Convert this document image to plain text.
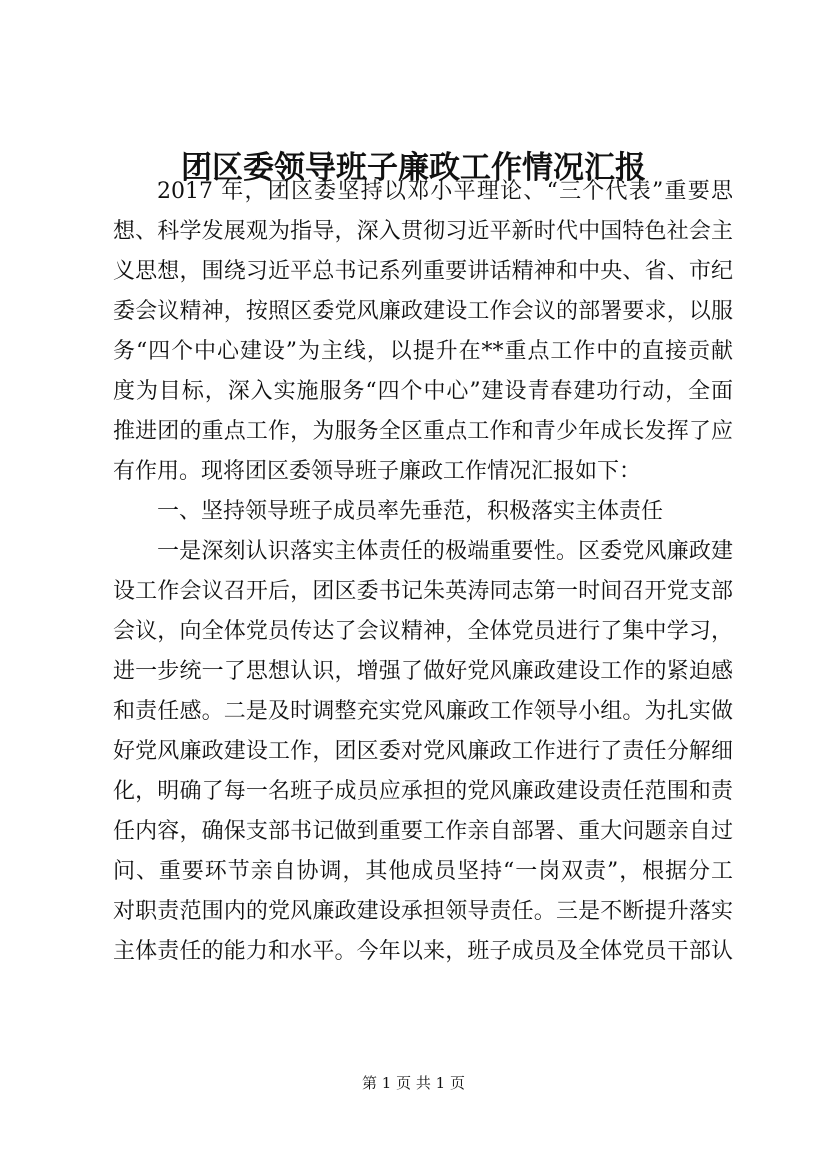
团区委领导班子廉政工作情况汇报
2017 年，团区委坚持以邓小平理论、“三个代表”重要思
想、科学发展观为指导，深入贯彻习近平新时代中国特色社会主
义思想，围绕习近平总书记系列重要讲话精神和中央、省、市纪
委会议精神，按照区委党风廉政建设工作会议的部署要求，以服
务“四个中心建设”为主线，以提升在**重点工作中的直接贡献
度为目标，深入实施服务“四个中心”建设青春建功行动，全面
推进团的重点工作，为服务全区重点工作和青少年成长发挥了应
有作用。现将团区委领导班子廉政工作情况汇报如下：
一、坚持领导班子成员率先垂范，积极落实主体责任
一是深刻认识落实主体责任的极端重要性。区委党风廉政建
设工作会议召开后，团区委书记朱英涛同志第一时间召开党支部
会议，向全体党员传达了会议精神，全体党员进行了集中学习，
进一步统一了思想认识，增强了做好党风廉政建设工作的紧迫感
和责任感。二是及时调整充实党风廉政工作领导小组。为扎实做
好党风廉政建设工作，团区委对党风廉政工作进行了责任分解细
化，明确了每一名班子成员应承担的党风廉政建设责任范围和责
任内容，确保支部书记做到重要工作亲自部署、重大问题亲自过
问、重要环节亲自协调，其他成员坚持“一岗双责”，根据分工
对职责范围内的党风廉政建设承担领导责任。三是不断提升落实
主体责任的能力和水平。今年以来，班子成员及全体党员干部认
第 1 页 共 1 页
